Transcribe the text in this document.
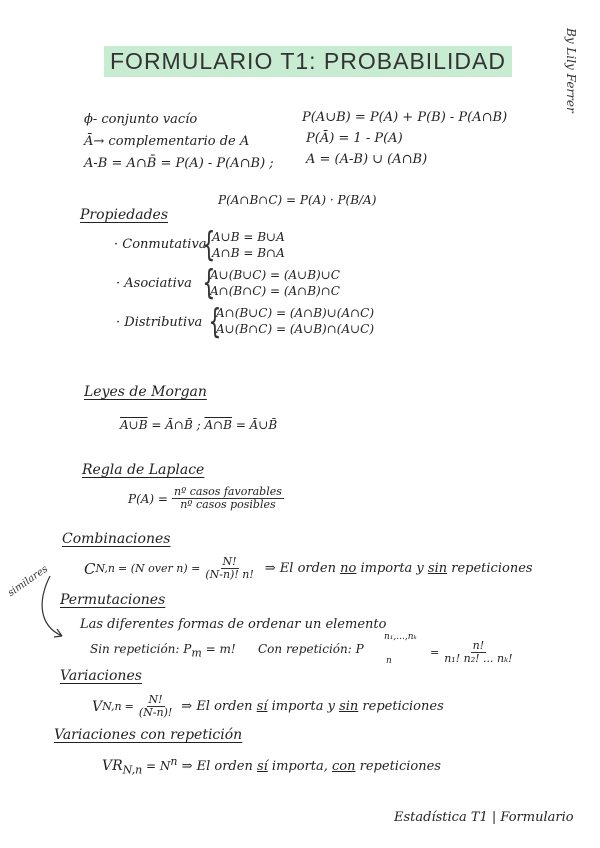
FORMULARIO T1: PROBABILIDAD	By Lily Ferrer
ϕ- conjunto vacío
Ā→ complementario de A
A-B = A∩B̄ = P(A) - P(A∩B) ;
P(A∪B) = P(A) + P(B) - P(A∩B)
P(Ā) = 1 - P(A)
A = (A-B) ∪ (A∩B)
P(A∩B∩C) = P(A) · P(B/A)
Propiedades
· Conmutativa
{
A∪B = B∪A
A∩B = B∩A
· Asociativa {
A∪(B∪C) = (A∪B)∪C
A∩(B∩C) = (A∩B)∩C
· Distributiva {
A∩(B∪C) = (A∩B)∪(A∩C)
A∪(B∩C) = (A∪B)∩(A∪C)
Leyes de Morgan
A∪B = Ā∩B̄ ; A∩B = Ā∪B̄
Regla de Laplace
$P(A) = \frac{\text{nº casos favorables}}{\text{nº casos posibles}}$
Combinaciones
C N,n = (N over $n) = \frac{N!}{(N-n)! n!}$ ⇒ El orden no importa y sin repeticiones
similares
Permutaciones
Las diferentes formas de ordenar un elemento
Sin repetición: $P_m = m$! Con repetición: P
n₁,...,nₖ
n
= $\frac{n!}{\text{n₁! n₂! ... nₖ!}}$
Variaciones
V $N,n = \frac{N!}{(N-n)!}$ ⇒ El orden sí importa y sin repeticiones
Variaciones con repetición
$VR_{N,n} = N^n$ ⇒ El orden sí importa, con repeticiones
Estadística T1 | Formulario
